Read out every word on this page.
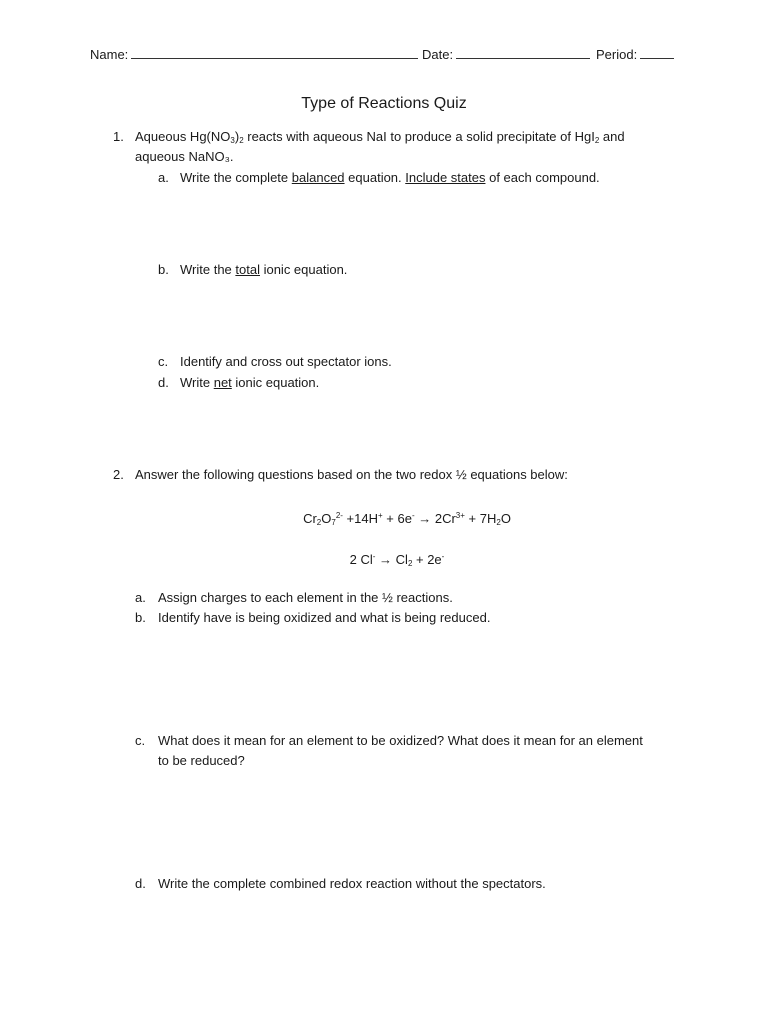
Name:	Date:	Period:
Type of Reactions Quiz
1. Aqueous $Hg(NO_3)_2$ reacts with aqueous NaI to produce a solid precipitate of HgI$_2$ and
aqueous NaNO₃.
a. Write the complete balanced equation. Include states of each compound.
b. Write the total ionic equation.
c. Identify and cross out spectator ions.
d. Write net ionic equation.
2. Answer the following questions based on the two redox ½ equations below:
$Cr_2O_7^{2-} +14H^+ + 6e^- \to 2Cr^{3+} + 7H_2O$
2 $Cl^- \to Cl_2 + 2e^-$
a. Assign charges to each element in the ½ reactions.
b. Identify have is being oxidized and what is being reduced.
c. What does it mean for an element to be oxidized? What does it mean for an element
to be reduced?
d. Write the complete combined redox reaction without the spectators.
